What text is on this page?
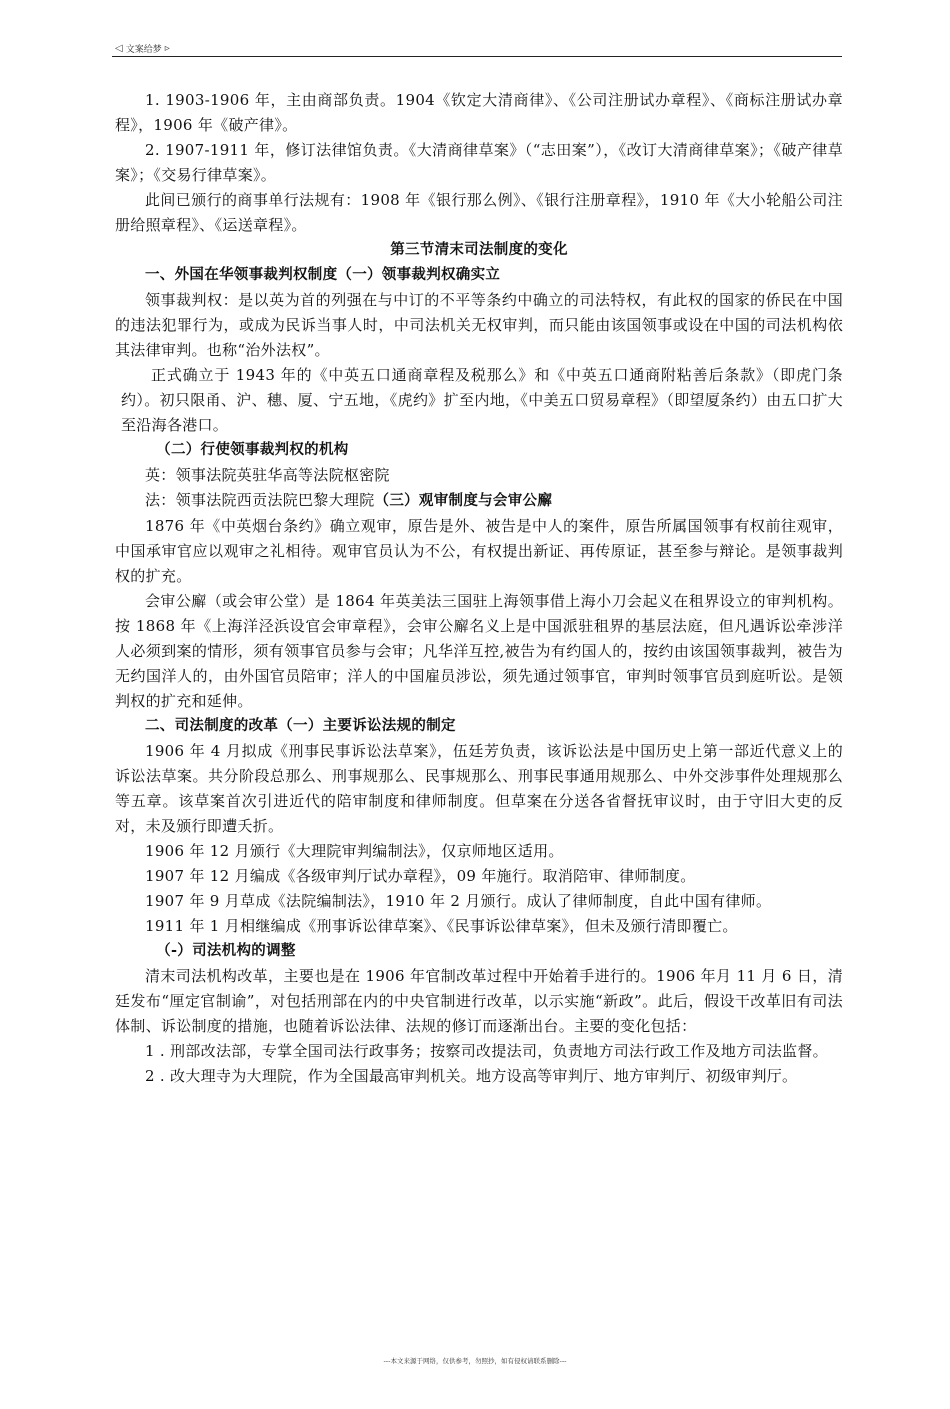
◁ 文案给梦 ▹

1. 1903-1906 年，主由商部负责。1904《钦定大清商律》、《公司注册试办章程》、《商标注册试办章程》，1906 年《破产律》。

2. 1907-1911 年，修订法律馆负责。《大清商律草案》（“志田案”），《改订大清商律草案》；《破产律草案》；《交易行律草案》。

此间已颁行的商事单行法规有：1908 年《银行那么例》、《银行注册章程》，1910 年《大小轮船公司注册给照章程》、《运送章程》。

第三节清末司法制度的变化

一、外国在华领事裁判权制度（一）领事裁判权确实立

领事裁判权：是以英为首的列强在与中订的不平等条约中确立的司法特权，有此权的国家的侨民在中国的违法犯罪行为，或成为民诉当事人时，中司法机关无权审判，而只能由该国领事或设在中国的司法机构依其法律审判。也称“治外法权”。

正式确立于 1943 年的《中英五口通商章程及税那么》和《中英五口通商附粘善后条款》（即虎门条约）。初只限甬、沪、穗、厦、宁五地，《虎约》扩至内地，《中美五口贸易章程》（即望厦条约）由五口扩大至沿海各港口。

　　　（二）行使领事裁判权的机构

英：领事法院英驻华高等法院枢密院

法：领事法院西贡法院巴黎大理院（三）观审制度与会审公廨

1876 年《中英烟台条约》确立观审，原告是外、被告是中人的案件，原告所属国领事有权前往观审，中国承审官应以观审之礼相待。观审官员认为不公，有权提出新证、再传原证，甚至参与辩论。是领事裁判权的扩充。

会审公廨（或会审公堂）是 1864 年英美法三国驻上海领事借上海小刀会起义在租界设立的审判机构。按 1868 年《上海洋泾浜设官会审章程》，会审公廨名义上是中国派驻租界的基层法庭，但凡遇诉讼牵涉洋人必须到案的情形，须有领事官员参与会审；凡华洋互控,被告为有约国人的，按约由该国领事裁判，被告为无约国洋人的，由外国官员陪审；洋人的中国雇员涉讼，须先通过领事官，审判时领事官员到庭听讼。是领判权的扩充和延伸。

二、司法制度的改革（一）主要诉讼法规的制定

1906 年 4 月拟成《刑事民事诉讼法草案》，伍廷芳负责，该诉讼法是中国历史上第一部近代意义上的诉讼法草案。共分阶段总那么、刑事规那么、民事规那么、刑事民事通用规那么、中外交涉事件处理规那么等五章。该草案首次引进近代的陪审制度和律师制度。但草案在分送各省督抚审议时，由于守旧大吏的反对，未及颁行即遭夭折。

1906 年 12 月颁行《大理院审判编制法》，仅京师地区适用。

1907 年 12 月编成《各级审判厅试办章程》，09 年施行。取消陪审、律师制度。

1907 年 9 月草成《法院编制法》，1910 年 2 月颁行。成认了律师制度，自此中国有律师。

1911 年 1 月相继编成《刑事诉讼律草案》、《民事诉讼律草案》，但未及颁行清即覆亡。

　　　（-）司法机构的调整

清末司法机构改革，主要也是在 1906 年官制改革过程中开始着手进行的。1906 年月 11 月 6 日，清廷发布“厘定官制谕”，对包括刑部在内的中央官制进行改革，以示实施“新政”。此后，假设干改革旧有司法体制、诉讼制度的措施，也随着诉讼法律、法规的修订而逐渐出台。主要的变化包括：

1 . 刑部改法部，专掌全国司法行政事务；按察司改提法司，负责地方司法行政工作及地方司法监督。

2 . 改大理寺为大理院，作为全国最高审判机关。地方设高等审判厅、地方审判厅、初级审判厅。

---本文来源于网络，仅供参考，勿照抄，如有侵权请联系删除---
